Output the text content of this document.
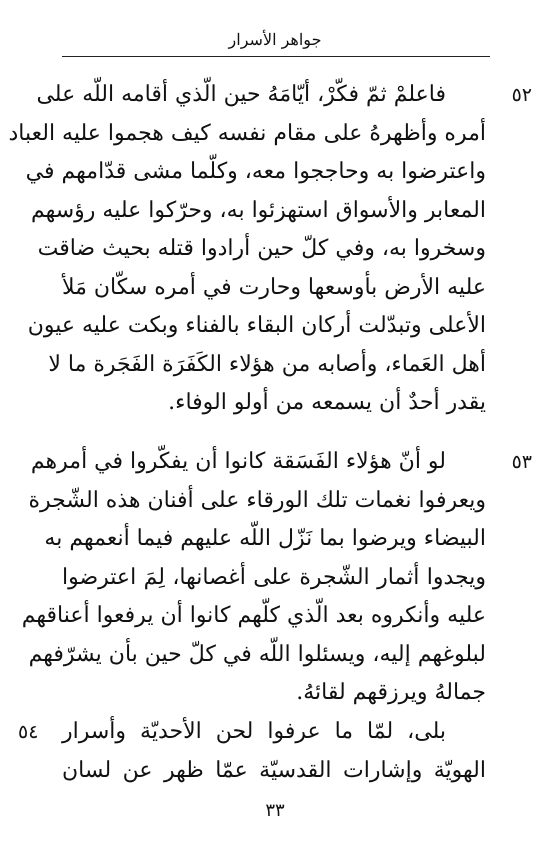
جواهر الأسرار
٥٢
فاعلمْ ثمّ فكّرْ، أيّامَهُ حين الّذي أقامه اللّه على
أمره وأظهرهُ على مقام نفسه كيف هجموا عليه العباد
واعترضوا به وحاججوا معه، وكلّما مشى قدّامهم في
المعابر والأسواق استهزئوا به، وحرّكوا عليه رؤسهم
وسخروا به، وفي كلّ حين أرادوا قتله بحيث ضاقت
عليه الأرض بأوسعها وحارت في أمره سكّان مَلأ
الأعلى وتبدّلت أركان البقاء بالفناء وبكت عليه عيون
أهل العَماء، وأصابه من هؤلاء الكَفَرَة الفَجَرة ما لا
يقدر أحدٌ أن يسمعه من أولو الوفاء.
٥٣
لو أنّ هؤلاء الفَسَقة كانوا أن يفكّروا في أمرهم
ويعرفوا نغمات تلك الورقاء على أفنان هذه الشّجرة
البيضاء ويرضوا بما نَزّل اللّه عليهم فيما أنعمهم به
ويجدوا أثمار الشّجرة على أغصانها، لِمَ اعترضوا
عليه وأنكروه بعد الّذي كلّهم كانوا أن يرفعوا أعناقهم
لبلوغهم إليه، ويسئلوا اللّه في كلّ حين بأن يشرّفهم
جمالهُ ويرزقهم لقائهُ.
٥٤	بلى، لمّا ما عرفوا لحن الأحديّة وأسرار
الهويّة وإشارات القدسيّة عمّا ظهر عن لسان
٣٣
